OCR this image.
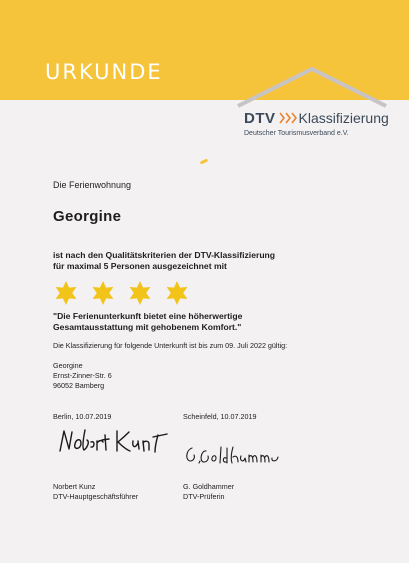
URKUNDE
DTV Klassifizierung
Deutscher Tourismusverband e.V.
Die Ferienwohnung
Georgine
ist nach den Qualitätskriterien der DTV-Klassifizierung
für maximal 5 Personen ausgezeichnet mit
"Die Ferienunterkunft bietet eine höherwertige
Gesamtausstattung mit gehobenem Komfort."
Die Klassifizierung für folgende Unterkunft ist bis zum 09. Juli 2022 gültig:
Georgine
Ernst-Zinner-Str. 6
96052 Bamberg
Berlin, 10.07.2019	Scheinfeld, 10.07.2019
Norbert Kunz
DTV-Hauptgeschäftsführer
G. Goldhammer
DTV-Prüferin
